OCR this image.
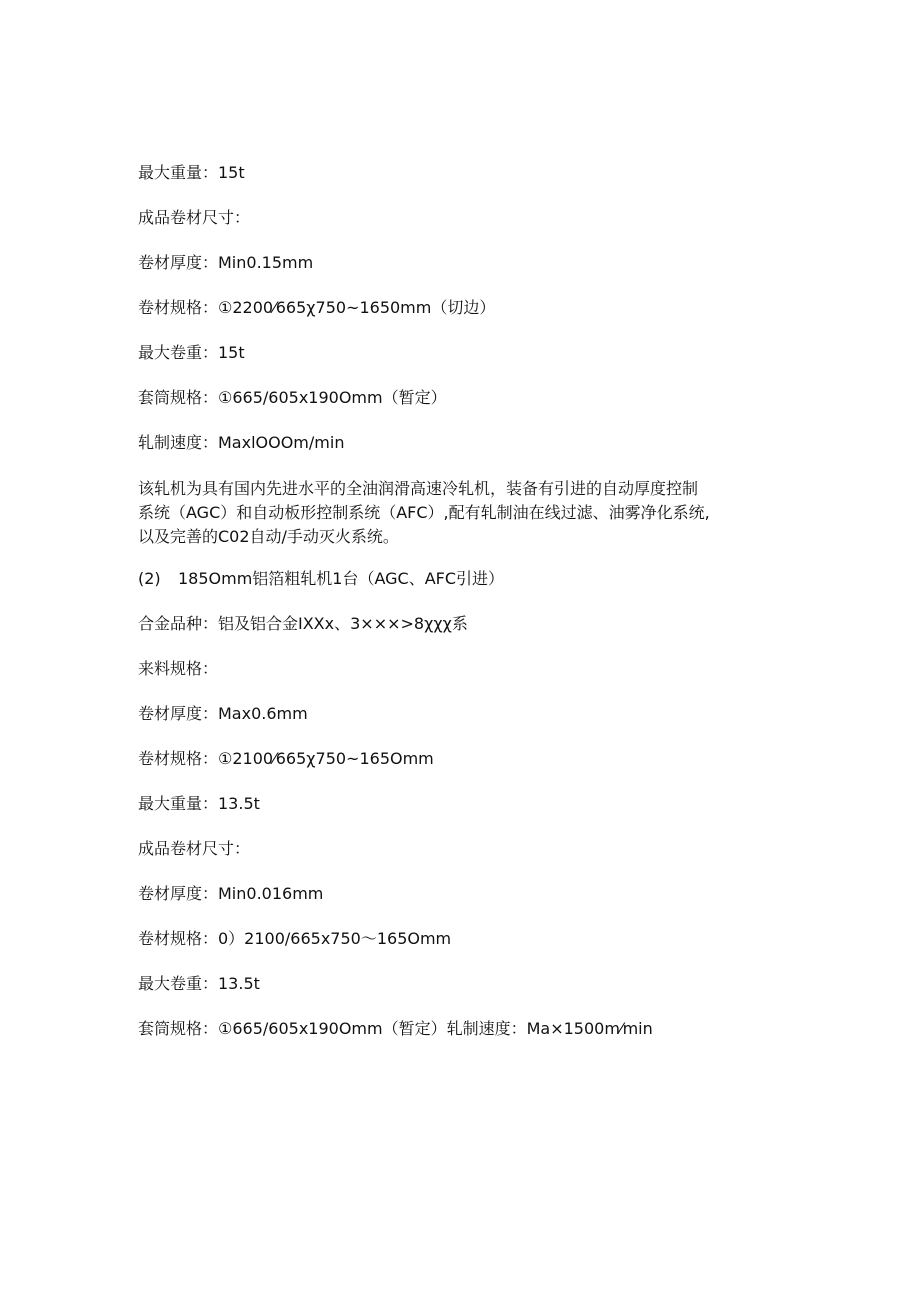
最大重量：15t
成品卷材尺寸：
卷材厚度：Min0.15mm
卷材规格：①2200⁄665χ750~1650mm（切边）
最大卷重：15t
套筒规格：①665/605x190Omm（暂定）
轧制速度：MaxlOOOm/min
该轧机为具有国内先进水平的全油润滑高速冷轧机，装备有引进的自动厚度控制
系统（AGC）和自动板形控制系统（AFC）,配有轧制油在线过滤、油雾净化系统,
以及完善的C02自动/手动灭火系统。
(2) 185Omm铝箔粗轧机1台（AGC、AFC引进）
合金品种：铝及铝合金IXXx、3×××>8χχχ系
来料规格：
卷材厚度：Max0.6mm
卷材规格：①2100⁄665χ750~165Omm
最大重量：13.5t
成品卷材尺寸：
卷材厚度：Min0.016mm
卷材规格：0）2100/665x750～165Omm
最大卷重：13.5t
套筒规格：①665/605x190Omm（暂定）轧制速度：Ma×1500m⁄min
